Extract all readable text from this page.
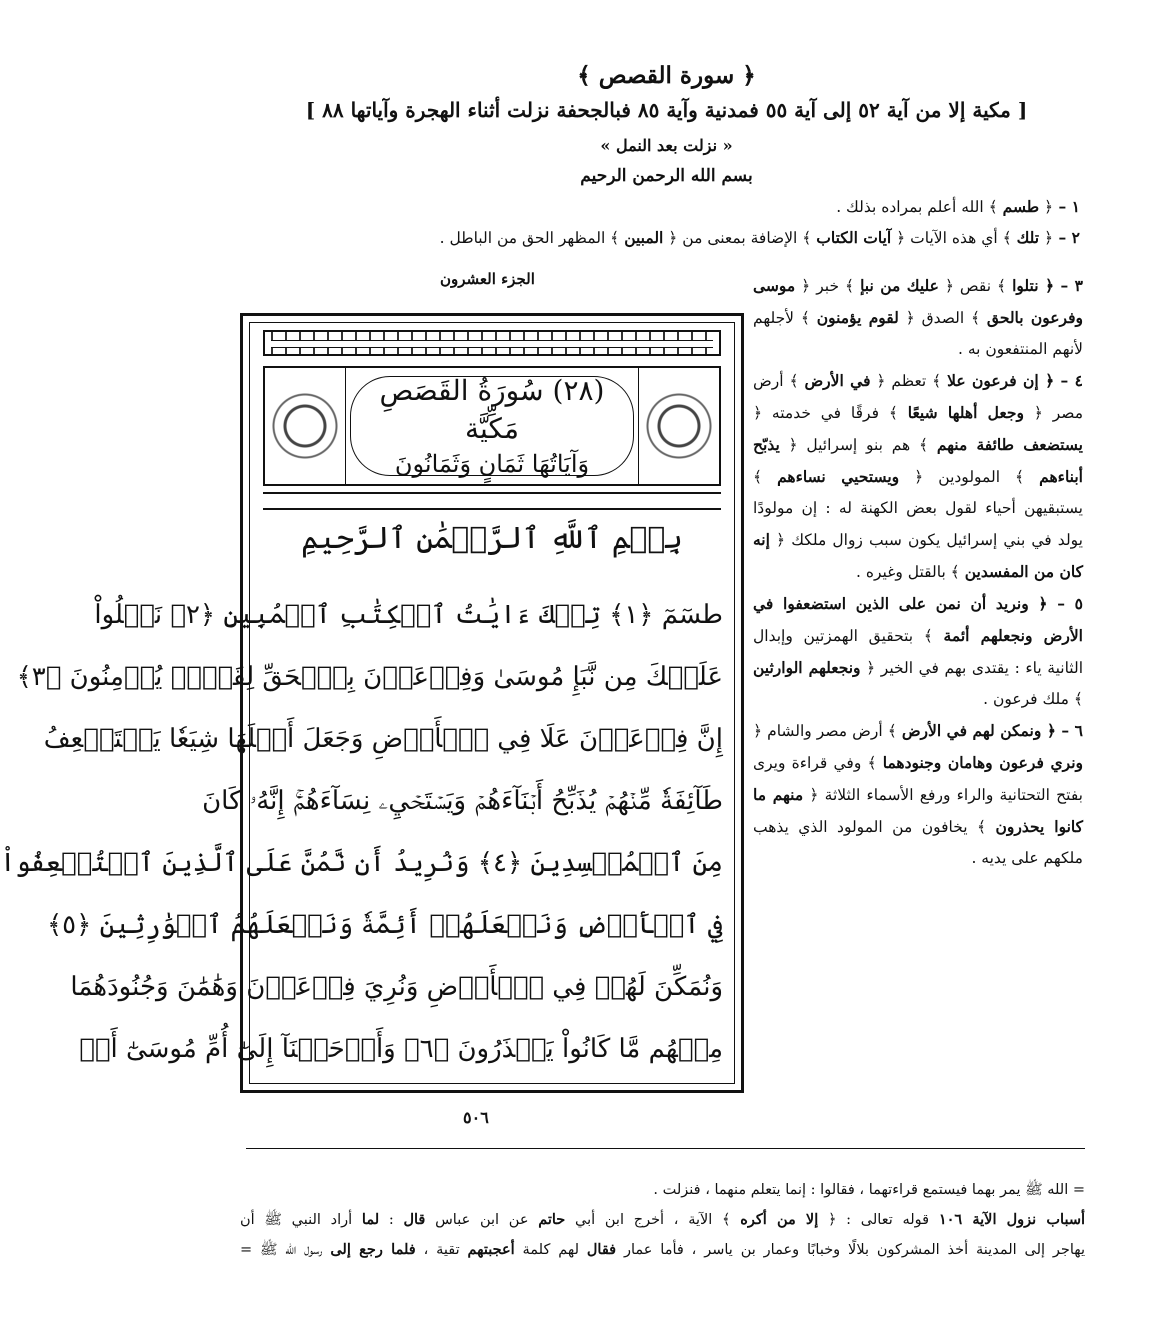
﴿ سورة القصص ﴾
[ مكية إلا من آية ٥٢ إلى آية ٥٥ فمدنية وآية ٨٥ فبالجحفة نزلت أثناء الهجرة وآياتها ٨٨ ]
« نزلت بعد النمل »
بسم الله الرحمن الرحيم
١ – ﴿ طسم ﴾ الله أعلم بمراده بذلك .
٢ – ﴿ تلك ﴾ أي هذه الآيات ﴿ آيات الكتاب ﴾ الإضافة بمعنى من ﴿ المبين ﴾ المظهر الحق من الباطل .
الجزء العشرون	٣ – ﴿ نتلوا ﴾ نقص ﴿ عليك من نبإ ﴾ خبر ﴿ موسى وفرعون بالحق ﴾ الصدق ﴿ لقوم يؤمنون ﴾ لأجلهم لأنهم المنتفعون به .

٤ – ﴿ إن فرعون علا ﴾ تعظم ﴿ في الأرض ﴾ أرض مصر ﴿ وجعل أهلها شيعًا ﴾ فرقًا في خدمته ﴿ يستضعف طائفة منهم ﴾ هم بنو إسرائيل ﴿ يذبّح أبناءهم ﴾ المولودين ﴿ ويستحيي نساءهم ﴾ يستبقيهن أحياء لقول بعض الكهنة له : إن مولودًا يولد في بني إسرائيل يكون سبب زوال ملكك ﴿ إنه كان من المفسدين ﴾ بالقتل وغيره .

٥ – ﴿ ونريد أن نمن على الذين استضعفوا في الأرض ونجعلهم أئمة ﴾ بتحقيق الهمزتين وإبدال الثانية ياء : يقتدى بهم في الخير ﴿ ونجعلهم الوارثين ﴾ ملك فرعون .

٦ – ﴿ ونمكن لهم في الأرض ﴾ أرض مصر والشام ﴿ ونري فرعون وهامان وجنودهما ﴾ وفي قراءة ويرى بفتح التحتانية والراء ورفع الأسماء الثلاثة ﴿ منهم ما كانوا يحذرون ﴾ يخافون من المولود الذي يذهب ملكهم على يديه .

(٢٨) سُورَةُ القَصَصِ مَكِّيَّة
وَآيَاتُهَا ثَمَانٍ وَثَمَانُونَ
بِسۡمِ ٱللَّهِ ٱلرَّحۡمَٰنِ ٱلرَّحِيمِ
طسٓمٓ ﴿١﴾ تِلۡكَ ءَايَٰتُ ٱلۡكِتَٰبِ ٱلۡمُبِينِ ﴿٢﴾ نَتۡلُواْ
عَلَيۡكَ مِن نَّبَإِ مُوسَىٰ وَفِرۡعَوۡنَ بِٱلۡحَقِّ لِقَوۡمٖ يُؤۡمِنُونَ ﴿٣﴾
إِنَّ فِرۡعَوۡنَ عَلَا فِي ٱلۡأَرۡضِ وَجَعَلَ أَهۡلَهَا شِيَعٗا يَسۡتَضۡعِفُ
طَآئِفَةٗ مِّنۡهُمۡ يُذَبِّحُ أَبۡنَآءَهُمۡ وَيَسۡتَحۡيِۦ نِسَآءَهُمۡۚ إِنَّهُۥ كَانَ
مِنَ ٱلۡمُفۡسِدِينَ ﴿٤﴾ وَنُرِيدُ أَن نَّمُنَّ عَلَى ٱلَّذِينَ ٱسۡتُضۡعِفُواْ
فِي ٱلۡأَرۡضِ وَنَجۡعَلَهُمۡ أَئِمَّةٗ وَنَجۡعَلَهُمُ ٱلۡوَٰرِثِينَ ﴿٥﴾
وَنُمَكِّنَ لَهُمۡ فِي ٱلۡأَرۡضِ وَنُرِيَ فِرۡعَوۡنَ وَهَٰمَٰنَ وَجُنُودَهُمَا
مِنۡهُم مَّا كَانُواْ يَحۡذَرُونَ ﴿٦﴾ وَأَوۡحَيۡنَآ إِلَىٰٓ أُمِّ مُوسَىٰٓ أَنۡ
٥٠٦
= الله ﷺ يمر بهما فيستمع قراءتهما ، فقالوا : إنما يتعلم منهما ، فنزلت .
أسباب نزول الآية ١٠٦ قوله تعالى : ﴿ إلا من أكره ﴾ الآية ، أخرج ابن أبي حاتم عن ابن عباس قال : لما أراد النبي ﷺ أن
يهاجر إلى المدينة أخذ المشركون بلالًا وخبابًا وعمار بن ياسر ، فأما عمار فقال لهم كلمة أعجبتهم تقية ، فلما رجع إلى رسول الله ﷺ =
